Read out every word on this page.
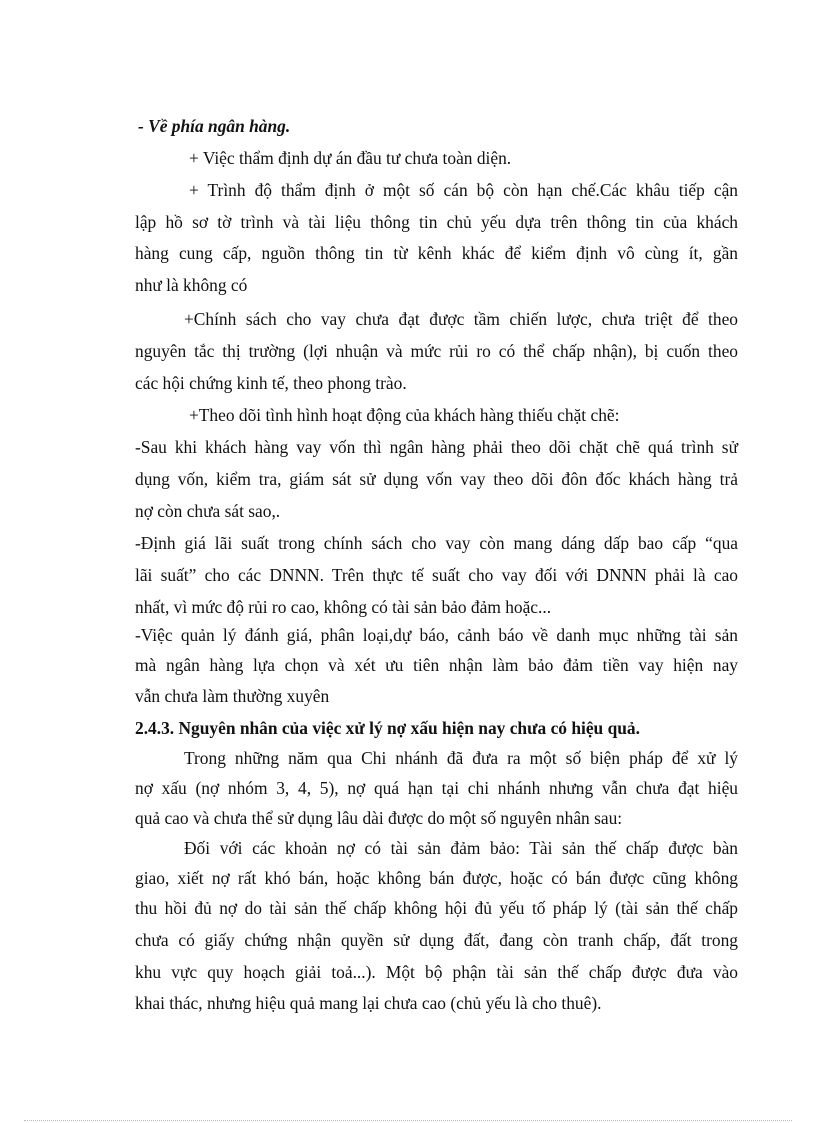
- Về phía ngân hàng.
+ Việc thẩm định dự án đầu tư chưa toàn diện.
+ Trình độ thẩm định ở một số cán bộ còn hạn chế.Các khâu tiếp cận
lập hồ sơ tờ trình và tài liệu thông tin chủ yếu dựa trên thông tin của khách
hàng cung cấp, nguồn thông tin từ kênh khác để kiểm định vô cùng ít, gần
như là không có
+Chính sách cho vay chưa đạt được tầm chiến lược, chưa triệt để theo
nguyên tắc thị trường (lợi nhuận và mức rủi ro có thể chấp nhận), bị cuốn theo
các hội chứng kinh tế, theo phong trào.
+Theo dõi tình hình hoạt động của khách hàng thiếu chặt chẽ:
-Sau khi khách hàng vay vốn thì ngân hàng phải theo dõi chặt chẽ quá trình sử
dụng vốn, kiểm tra, giám sát sử dụng vốn vay theo dõi đôn đốc khách hàng trả
nợ còn chưa sát sao,.
-Định giá lãi suất trong chính sách cho vay còn mang dáng dấp bao cấp “qua
lãi suất” cho các DNNN. Trên thực tế suất cho vay đối với DNNN phải là cao
nhất, vì mức độ rủi ro cao, không có tài sản bảo đảm hoặc...
-Việc quản lý đánh giá, phân loại,dự báo, cảnh báo về danh mục những tài sản
mà ngân hàng lựa chọn và xét ưu tiên nhận làm bảo đảm tiền vay hiện nay
vẫn chưa làm thường xuyên
2.4.3. Nguyên nhân của việc xử lý nợ xấu hiện nay chưa có hiệu quả.
Trong những năm qua Chi nhánh đã đưa ra một số biện pháp để xử lý
nợ xấu (nợ nhóm 3, 4, 5), nợ quá hạn tại chi nhánh nhưng vẫn chưa đạt hiệu
quả cao và chưa thể sử dụng lâu dài được do một số nguyên nhân sau:
Đối với các khoản nợ có tài sản đảm bảo: Tài sản thế chấp được bàn
giao, xiết nợ rất khó bán, hoặc không bán được, hoặc có bán được cũng không
thu hồi đủ nợ do tài sản thế chấp không hội đủ yếu tố pháp lý (tài sản thế chấp
chưa có giấy chứng nhận quyền sử dụng đất, đang còn tranh chấp, đất trong
khu vực quy hoạch giải toả...). Một bộ phận tài sản thế chấp được đưa vào
khai thác, nhưng hiệu quả mang lại chưa cao (chủ yếu là cho thuê).
